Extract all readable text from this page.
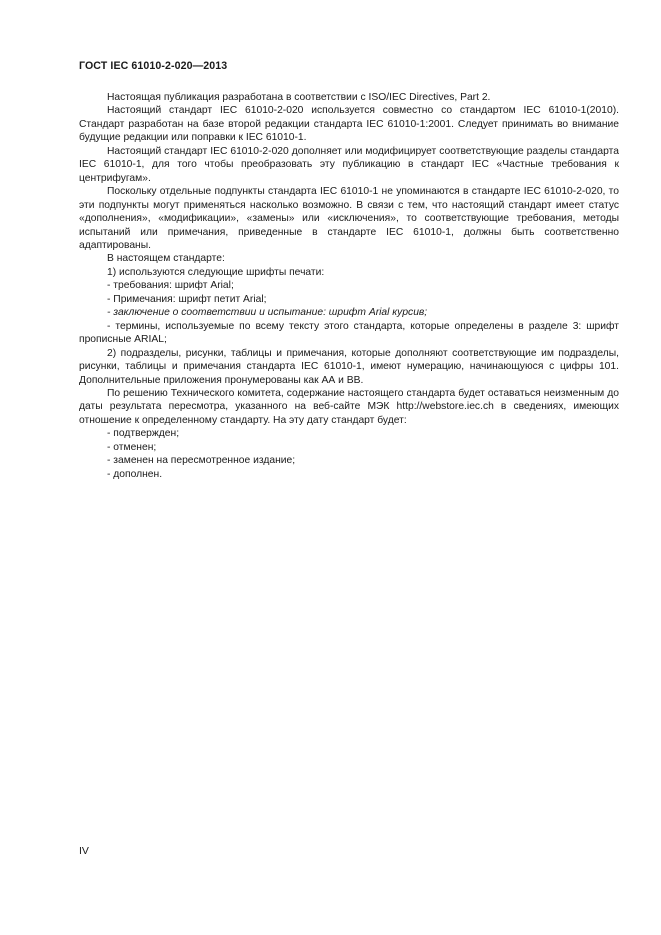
ГОСТ IEC 61010-2-020—2013

Настоящая публикация разработана в соответствии с ISO/IEC Directives, Part 2.

Настоящий стандарт IEC 61010-2-020 используется совместно со стандартом IEC 61010-1(2010). Стандарт разработан на базе второй редакции стандарта IEC 61010-1:2001. Следует принимать во внимание будущие редакции или поправки к IEC 61010-1.

Настоящий стандарт IEC 61010-2-020 дополняет или модифицирует соответствующие разделы стандарта IEC 61010-1, для того чтобы преобразовать эту публикацию в стандарт IEC «Частные требования к центрифугам».

Поскольку отдельные подпункты стандарта IEC 61010-1 не упоминаются в стандарте IEC 61010-2-020, то эти подпункты могут применяться насколько возможно. В связи с тем, что настоящий стандарт имеет статус «дополнения», «модификации», «замены» или «исключения», то соответствующие требования, методы испытаний или примечания, приведенные в стандарте IEC 61010-1, должны быть соответственно адаптированы.

В настоящем стандарте:

1) используются следующие шрифты печати:

- требования: шрифт Arial;

- Примечания: шрифт петит Arial;

- заключение о соответствии и испытание: шрифт Arial курсив;

- термины, используемые по всему тексту этого стандарта, которые определены в разделе 3: шрифт прописные ARIAL;

2) подразделы, рисунки, таблицы и примечания, которые дополняют соответствующие им подразделы, рисунки, таблицы и примечания стандарта IEC 61010-1, имеют нумерацию, начинающуюся с цифры 101. Дополнительные приложения пронумерованы как АА и ВВ.

По решению Технического комитета, содержание настоящего стандарта будет оставаться неизменным до даты результата пересмотра, указанного на веб-сайте МЭК http://webstore.iec.ch в сведениях, имеющих отношение к определенному стандарту. На эту дату стандарт будет:

- подтвержден;

- отменен;

- заменен на пересмотренное издание;

- дополнен.

IV
